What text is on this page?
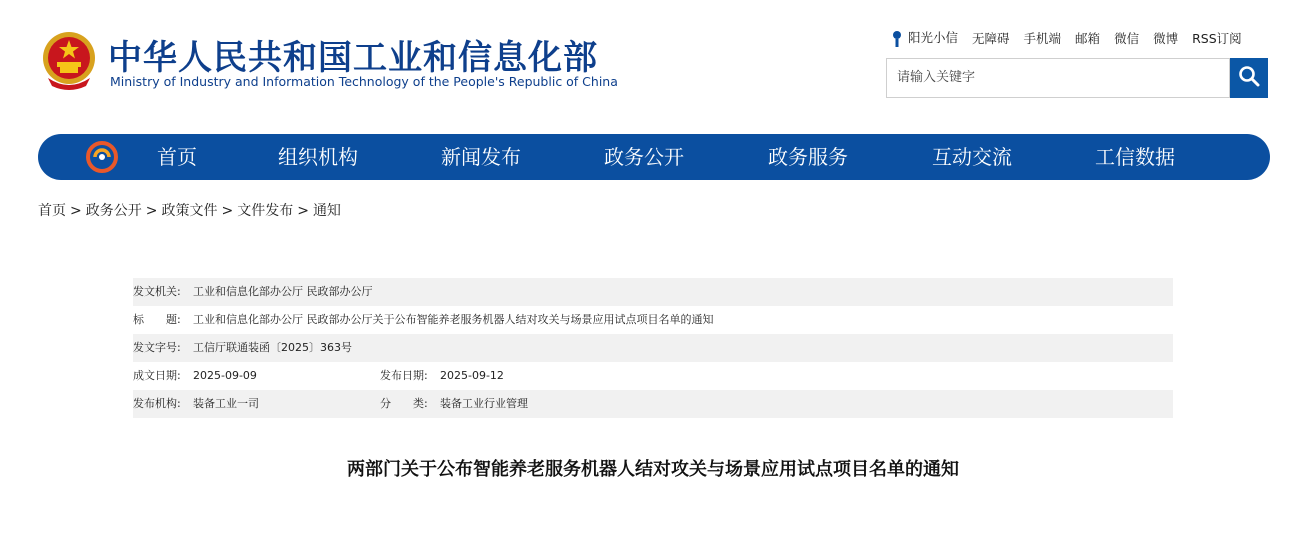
中华人民共和国工业和信息化部
Ministry of Industry and Information Technology of the People's Republic of China
阳光小信 无障碍 手机端 邮箱 微信 微博 RSS订阅
请输入关键字
首页	组织机构	新闻发布	政务公开	政务服务	互动交流	工信数据
首页 > 政务公开 > 政策文件 > 文件发布 > 通知
发文机关: 工业和信息化部办公厅 民政部办公厅
标　　题: 工业和信息化部办公厅 民政部办公厅关于公布智能养老服务机器人结对攻关与场景应用试点项目名单的通知
发文字号: 工信厅联通装函〔2025〕363号
成文日期: 2025-09-09	发布日期: 2025-09-12
发布机构: 装备工业一司	分　　类: 装备工业行业管理
两部门关于公布智能养老服务机器人结对攻关与场景应用试点项目名单的通知
